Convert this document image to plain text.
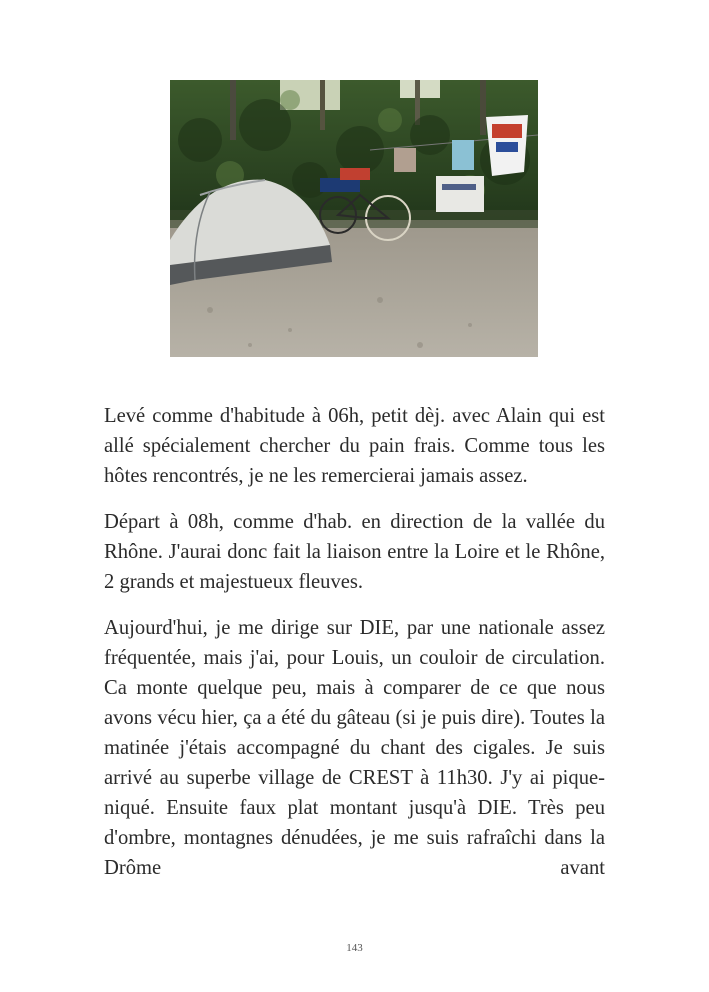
Levé comme d'habitude à 06h, petit dèj. avec Alain qui est allé spécialement chercher du pain frais. Comme tous les hôtes rencontrés, je ne les remercierai jamais assez.

Départ à 08h, comme d'hab. en direction de la vallée du Rhône. J'aurai donc fait la liaison entre la Loire et le Rhône, 2 grands et majestueux fleuves.

Aujourd'hui, je me dirige sur DIE, par une nationale assez fréquentée, mais j'ai, pour Louis, un couloir de circulation. Ca monte quelque peu, mais à comparer de ce que nous avons vécu hier, ça a été du gâteau (si je puis dire). Toutes la matinée j'étais accompagné du chant des cigales. Je suis arrivé au superbe village de CREST à 11h30. J'y ai pique-niqué. Ensuite faux plat montant jusqu'à DIE. Très peu d'ombre, montagnes dénudées, je me suis rafraîchi dans la Drôme avant

143
